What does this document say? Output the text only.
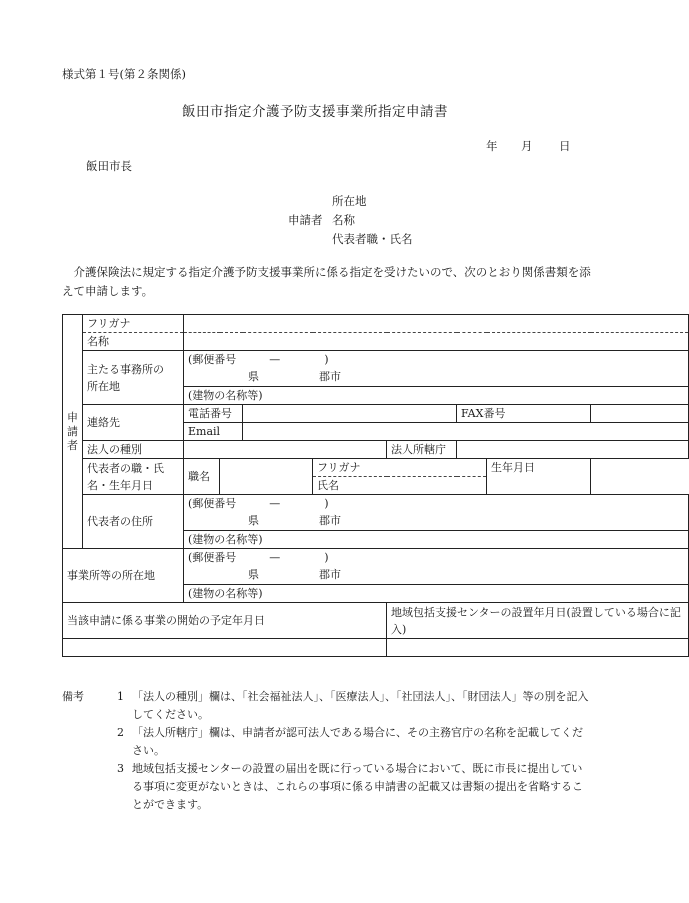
様式第１号(第２条関係)
飯田市指定介護予防支援事業所指定申請書
年 月 日
飯田市長
所在地
申請者 名称
代表者職・氏名
介護保険法に規定する指定介護予防支援事業所に係る指定を受けたいので、次のとおり関係書類を添えて申請します。
申
請
者	フリガナ								
	名称								
	主たる事務所の
所在地	(郵便番号　　　—　　　　)							
		県 郡市							
		(建物の名称等)							
	連絡先	電話番号					FAX番号		
		Email							
	法人の種別					法人所轄庁			
	代表者の職・氏
名・生年月日	職名			フリガナ			生年月日	
					氏名				
	代表者の住所	(郵便番号　　　—　　　　)							
		県 郡市							
		(建物の名称等)							
事業所等の所在地		(郵便番号　　　—　　　　)							
		県 郡市							
		(建物の名称等)							
当該申請に係る事業の開始の予定年月日						地域包括支援センターの設置年月日(設置している場合に記入)			

備考	1 「法人の種別」欄は、「社会福祉法人」、「医療法人」、「社団法人」、「財団法人」等の別を記入してください。
2 「法人所轄庁」欄は、申請者が認可法人である場合に、その主務官庁の名称を記載してください。
3 地域包括支援センターの設置の届出を既に行っている場合において、既に市長に提出している事項に変更がないときは、これらの事項に係る申請書の記載又は書類の提出を省略することができます。
